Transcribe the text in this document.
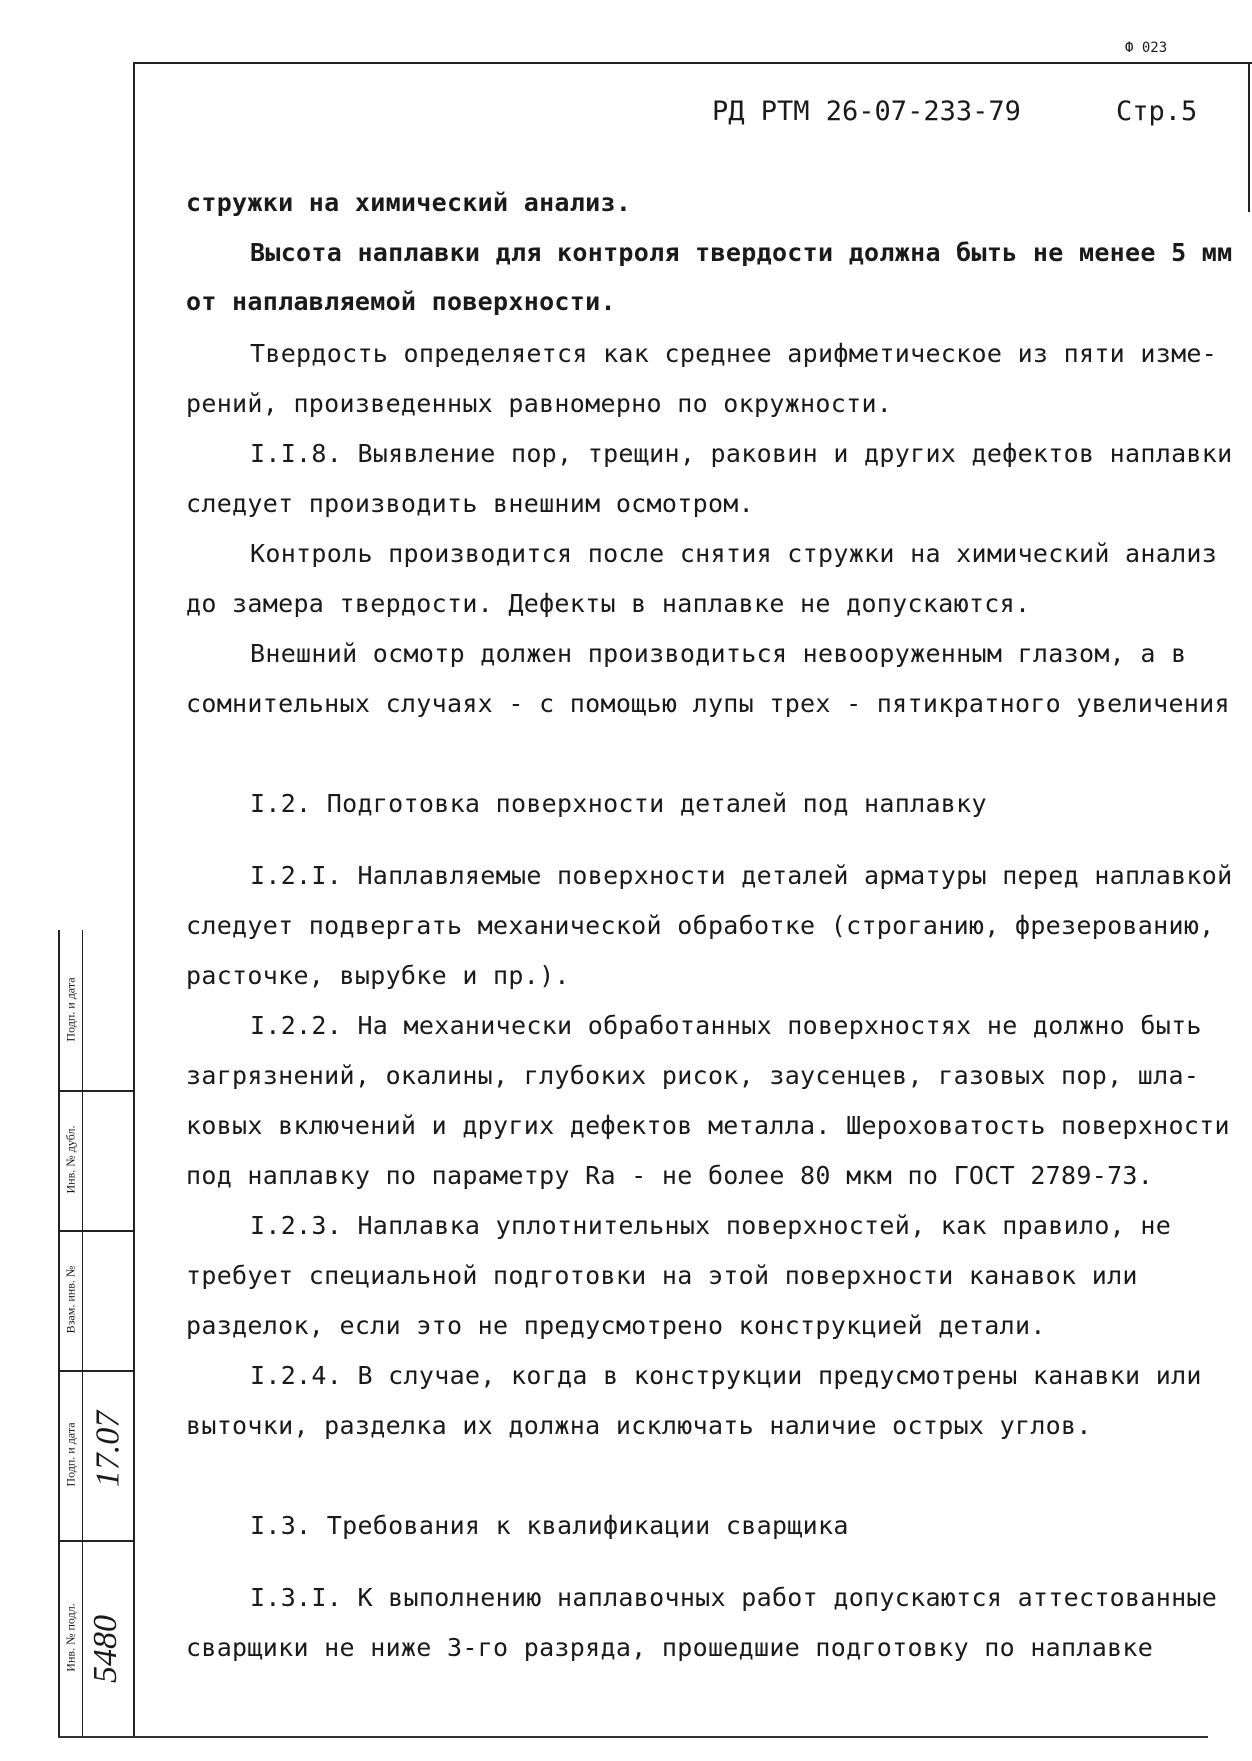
Ф 023
РД РТМ 26-07-233-79	Стр.5
стружки на химический анализ.
Высота наплавки для контроля твердости должна быть не менее 5 мм
от наплавляемой поверхности.
Твердость определяется как среднее арифметическое из пяти изме-
рений, произведенных равномерно по окружности.
I.I.8. Выявление пор, трещин, раковин и других дефектов наплавки
следует производить внешним осмотром.
Контроль производится после снятия стружки на химический анализ
до замера твердости. Дефекты в наплавке не допускаются.
Внешний осмотр должен производиться невооруженным глазом, а в
сомнительных случаях - с помощью лупы трех - пятикратного увеличения
I.2. Подготовка поверхности деталей под наплавку
I.2.I. Наплавляемые поверхности деталей арматуры перед наплавкой
следует подвергать механической обработке (строганию, фрезерованию,
расточке, вырубке и пр.).
I.2.2. На механически обработанных поверхностях не должно быть
загрязнений, окалины, глубоких рисок, заусенцев, газовых пор, шла-
ковых включений и других дефектов металла. Шероховатость поверхности
под наплавку по параметру Rа - не более 80 мкм по ГОСТ 2789-73.
I.2.3. Наплавка уплотнительных поверхностей, как правило, не
требует специальной подготовки на этой поверхности канавок или
разделок, если это не предусмотрено конструкцией детали.
I.2.4. В случае, когда в конструкции предусмотрены канавки или
выточки, разделка их должна исключать наличие острых углов.
I.3. Требования к квалификации сварщика
I.3.I. К выполнению наплавочных работ допускаются аттестованные
сварщики не ниже 3-го разряда, прошедшие подготовку по наплавке
Подп. и дата
Инв. № дубл.
Взам. инв. №
Подп. и дата
Инв. № подл.
17.07
5480
